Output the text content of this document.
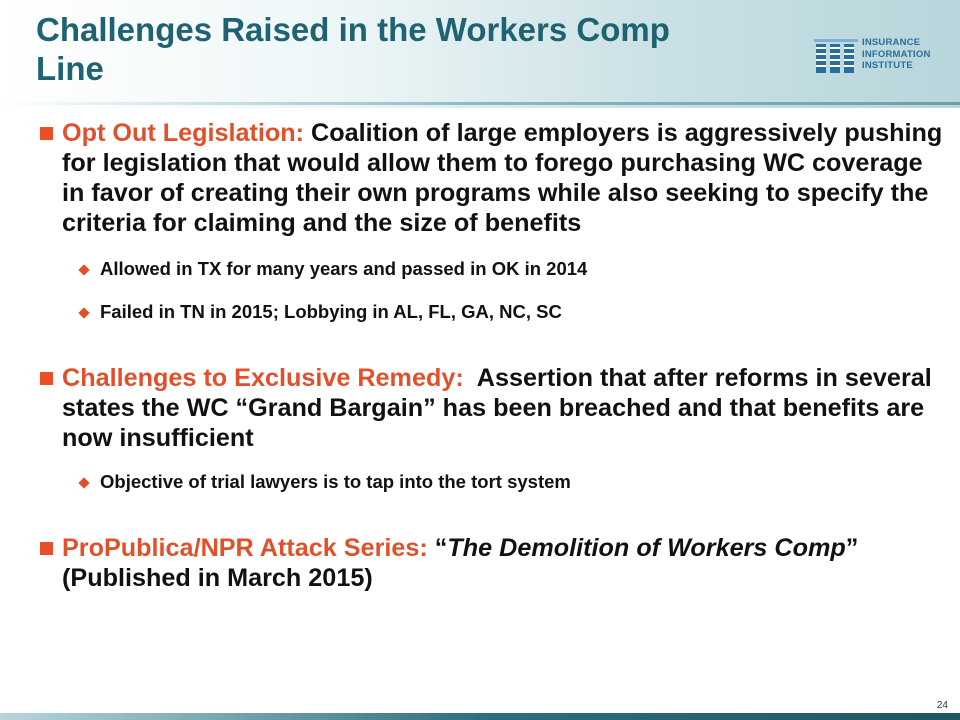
Challenges Raised in the Workers Comp Line
INSURANCE
INFORMATION
INSTITUTE
Opt Out Legislation: Coalition of large employers is aggressively pushing for legislation that would allow them to forego purchasing WC coverage in favor of creating their own programs while also seeking to specify the criteria for claiming and the size of benefits
Allowed in TX for many years and passed in OK in 2014
Failed in TN in 2015; Lobbying in AL, FL, GA, NC, SC
Challenges to Exclusive Remedy:  Assertion that after reforms in several states the WC “Grand Bargain” has been breached and that benefits are now insufficient
Objective of trial lawyers is to tap into the tort system
ProPublica/NPR Attack Series: “The Demolition of Workers Comp” (Published in March 2015)
24
